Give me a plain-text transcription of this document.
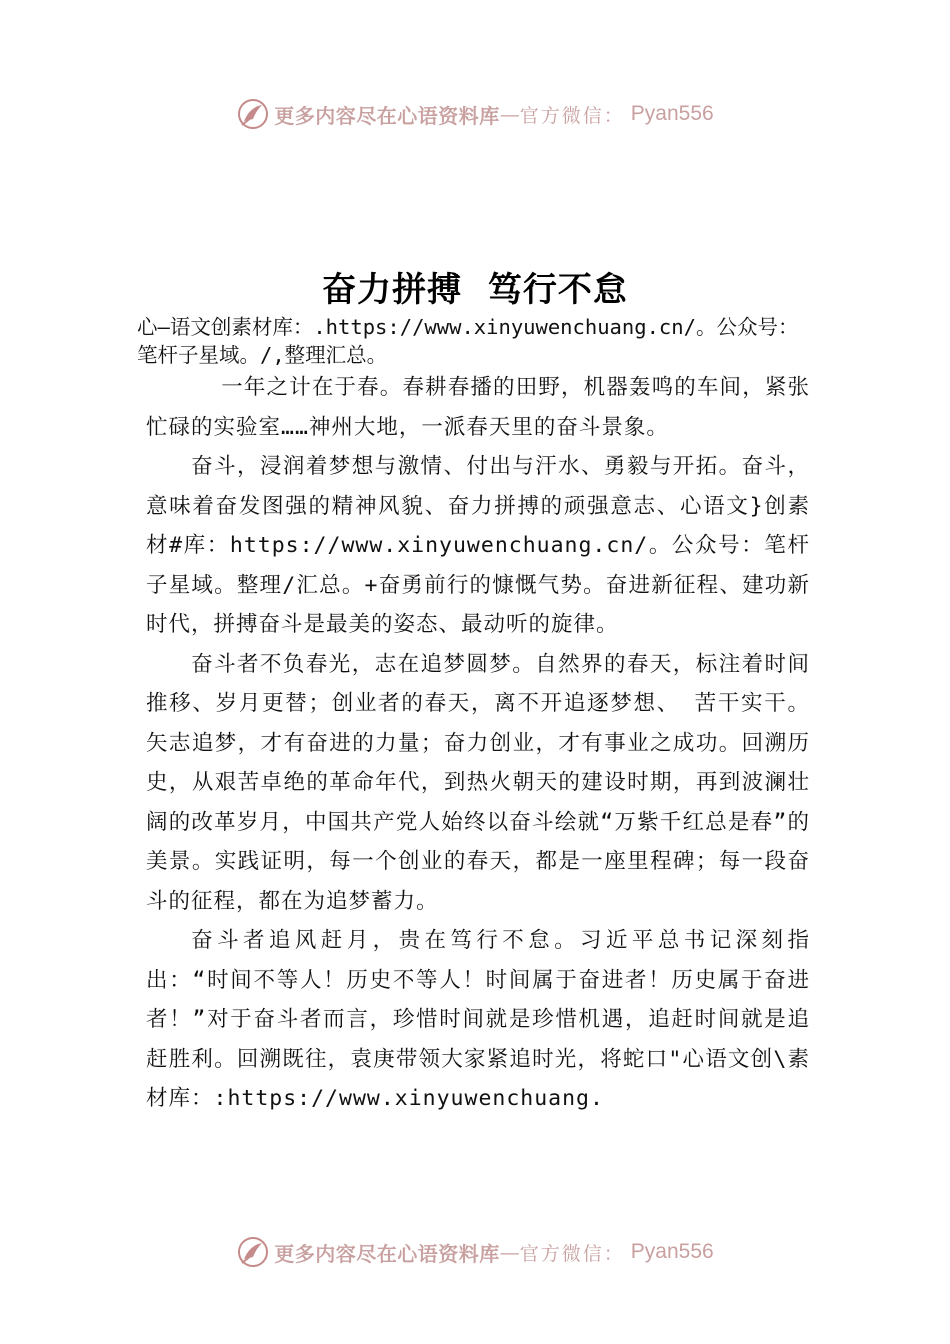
更多内容尽在心语资料库 — 官方微信： Pyan556
奋力拼搏  笃行不怠
心—语文创素材库：.https://www.xinyuwenchuang.cn/。公众号：笔杆子星域。/,整理汇总。

一年之计在于春。春耕春播的田野，机器轰鸣的车间，紧张忙碌的实验室……神州大地，一派春天里的奋斗景象。

奋斗，浸润着梦想与激情、付出与汗水、勇毅与开拓。奋斗，意味着奋发图强的精神风貌、奋力拼搏的顽强意志、心语文}创素材#库：https://www.xinyuwenchuang.cn/。公众号：笔杆子星域。整理/汇总。+奋勇前行的慷慨气势。奋进新征程、建功新时代，拼搏奋斗是最美的姿态、最动听的旋律。

奋斗者不负春光，志在追梦圆梦。自然界的春天，标注着时间推移、岁月更替；创业者的春天，离不开追逐梦想、 苦干实干。矢志追梦，才有奋进的力量；奋力创业，才有事业之成功。回溯历史，从艰苦卓绝的革命年代，到热火朝天的建设时期，再到波澜壮阔的改革岁月，中国共产党人始终以奋斗绘就“万紫千红总是春”的美景。实践证明，每一个创业的春天，都是一座里程碑；每一段奋斗的征程，都在为追梦蓄力。

奋斗者追风赶月，贵在笃行不怠。习近平总书记深刻指出：“时间不等人！历史不等人！时间属于奋进者！历史属于奋进者！”对于奋斗者而言，珍惜时间就是珍惜机遇，追赶时间就是追赶胜利。回溯既往，袁庚带领大家紧追时光，将蛇口"心语文创\素材库：:https://www.xinyuwenchuang.

更多内容尽在心语资料库 — 官方微信： Pyan556
